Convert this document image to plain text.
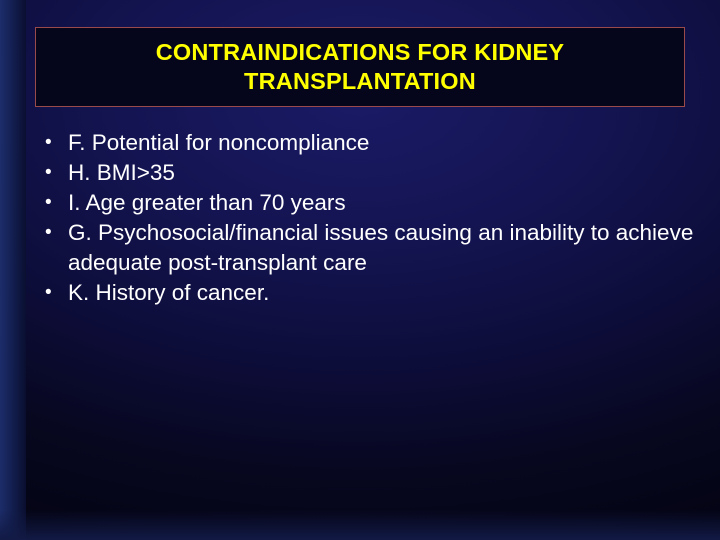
CONTRAINDICATIONS FOR KIDNEY TRANSPLANTATION
• F. Potential for noncompliance
• H. BMI>35
• I. Age greater than 70 years
• G. Psychosocial/financial issues causing an inability to achieve adequate post-transplant care
• K. History of cancer.
